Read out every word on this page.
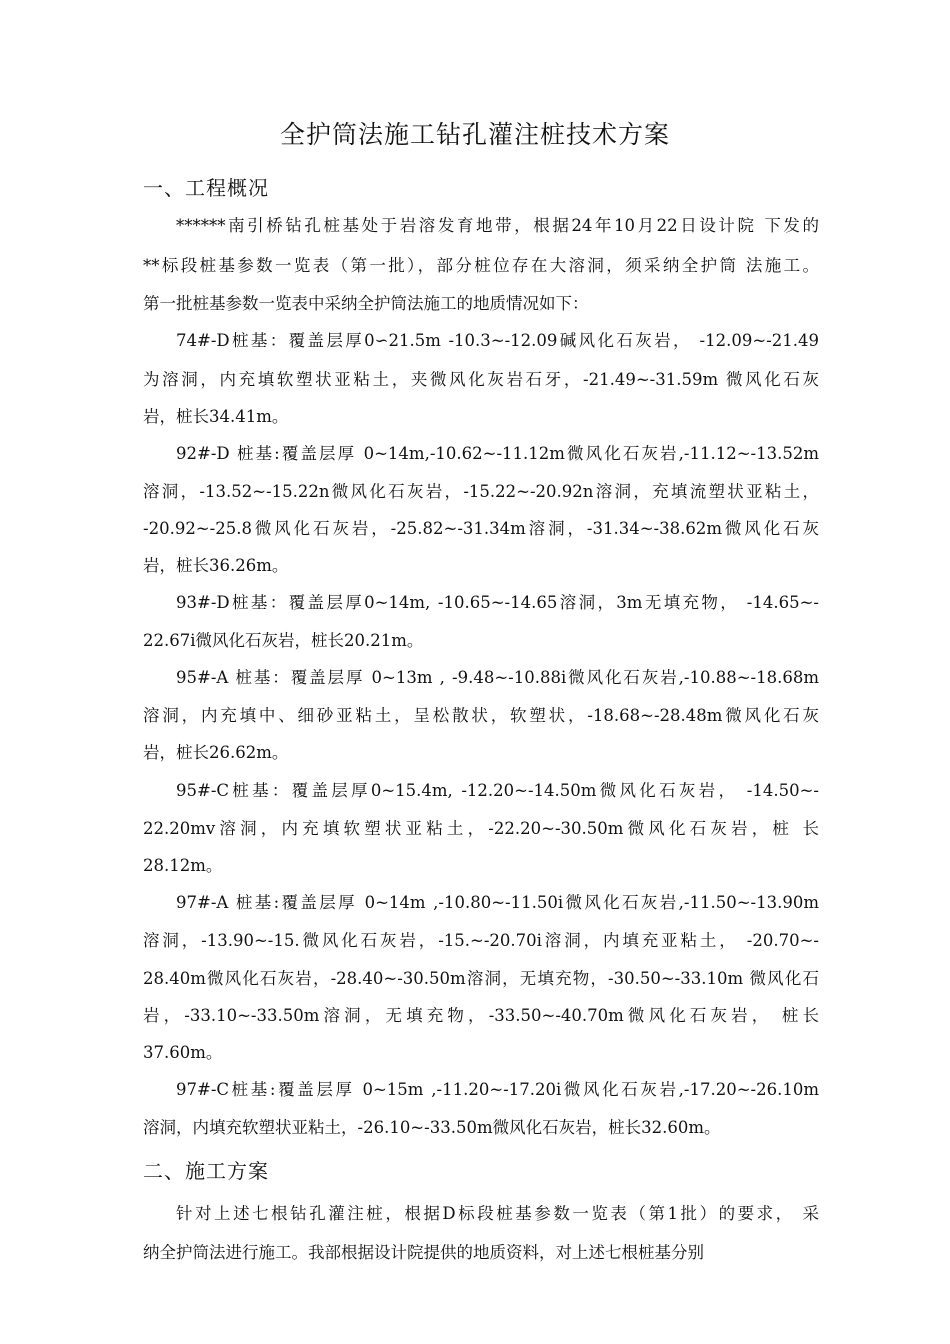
全护筒法施工钻孔灌注桩技术方案
一、工程概况
******南引桥钻孔桩基处于岩溶发育地带，根据24年10月22日设计院 下发的
**标段桩基参数一览表（第一批），部分桩位存在大溶洞，须采纳全护筒 法施工。
第一批桩基参数一览表中采纳全护筒法施工的地质情况如下：
74#-D桩基：覆盖层厚0∽21.5m -10.3~-12.09碱风化石灰岩， -12.09~-21.49
为溶洞，内充填软塑状亚粘土，夹微风化灰岩石牙，-21.49~-31.59m 微风化石灰
岩，桩长34.41m。
92#-D 桩基:覆盖层厚 0~14m,-10.62~-11.12m微风化石灰岩,-11.12~-13.52m
溶洞，-13.52~-15.22n微风化石灰岩，-15.22~-20.92n溶洞，充填流塑状亚粘土，
-20.92~-25.8微风化石灰岩，-25.82~-31.34m溶洞，-31.34~-38.62m微风化石灰
岩，桩长36.26m。
93#-D桩基：覆盖层厚0~14m, -10.65~-14.65溶洞，3m无填充物， -14.65~-
22.67i微风化石灰岩，桩长20.21m。
95#-A 桩基：覆盖层厚 0~13m , -9.48~-10.88i微风化石灰岩,-10.88~-18.68m
溶洞，内充填中、细砂亚粘土，呈松散状，软塑状，-18.68~-28.48m微风化石灰
岩，桩长26.62m。
95#-C桩基：覆盖层厚0~15.4m, -12.20~-14.50m微风化石灰岩， -14.50~-
22.20mv溶洞，内充填软塑状亚粘土，-22.20~-30.50m微风化石灰岩，桩 长
28.12m。
97#-A 桩基:覆盖层厚 0~14m ,-10.80~-11.50i微风化石灰岩,-11.50~-13.90m
溶洞，-13.90~-15.微风化石灰岩，-15.~-20.70i溶洞，内填充亚粘土， -20.70~-
28.40m微风化石灰岩，-28.40~-30.50m溶洞，无填充物，-30.50~-33.10m 微风化石
岩，-33.10~-33.50m溶洞，无填充物，-33.50~-40.70m微风化石灰岩， 桩长
37.60m。
97#-C桩基:覆盖层厚 0~15m ,-11.20~-17.20i微风化石灰岩,-17.20~-26.10m
溶洞，内填充软塑状亚粘土，-26.10~-33.50m微风化石灰岩，桩长32.60m。
二、施工方案
针对上述七根钻孔灌注桩，根据D标段桩基参数一览表（第1批）的要求， 采
纳全护筒法进行施工。我部根据设计院提供的地质资料，对上述七根桩基分别
